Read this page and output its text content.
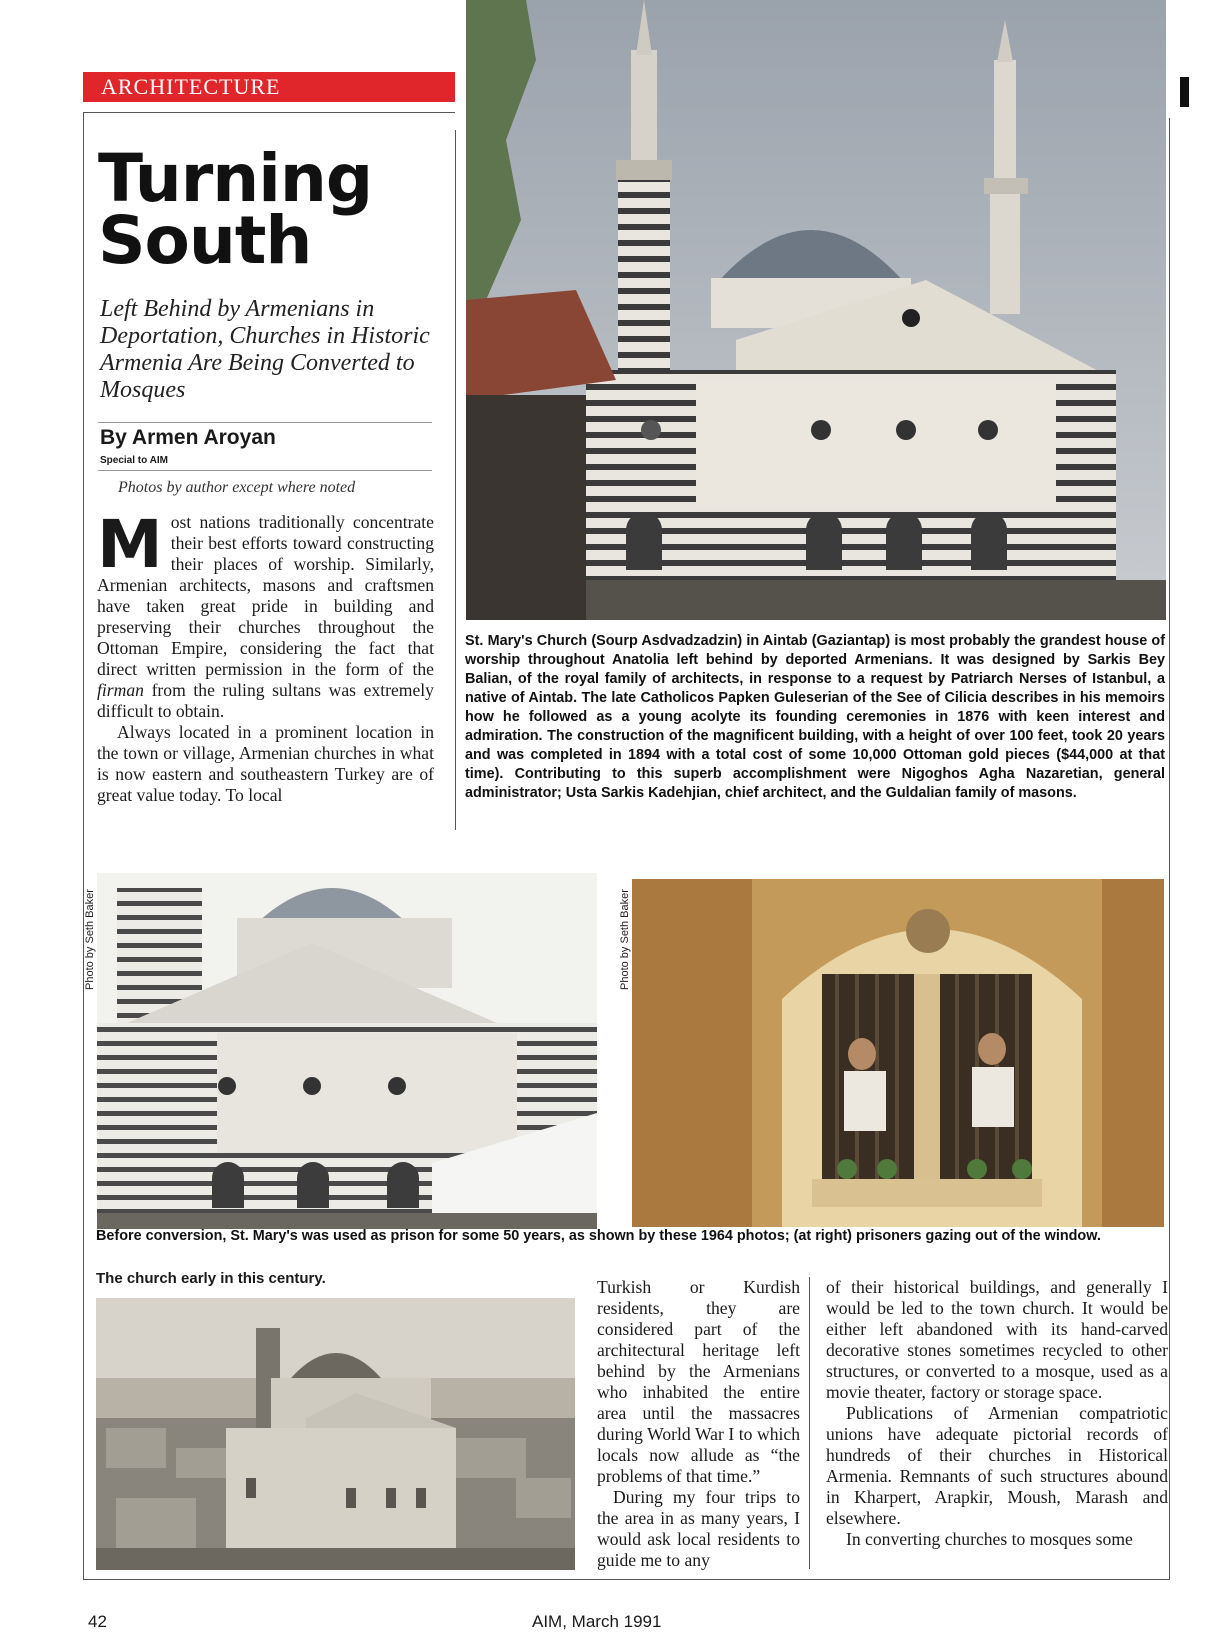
ARCHITECTURE
Turning
South
Left Behind by Armenians in Deportation, Churches in Historic Armenia Are Being Converted to Mosques
By Armen Aroyan
Special to AIM
Photos by author except where noted

Most nations traditionally concentrate their best efforts toward constructing their places of worship. Similarly, Armenian architects, masons and craftsmen have taken great pride in building and preserving their churches throughout the Ottoman Empire, considering the fact that direct written permission in the form of the firman from the ruling sultans was extremely difficult to obtain.

Always located in a prominent location in the town or village, Armenian churches in what is now eastern and southeastern Turkey are of great value today. To local

St. Mary's Church (Sourp Asdvadzadzin) in Aintab (Gaziantap) is most probably the grandest house of worship throughout Anatolia left behind by deported Armenians. It was designed by Sarkis Bey Balian, of the royal family of architects, in response to a request by Patriarch Nerses of Istanbul, a native of Aintab. The late Catholicos Papken Guleserian of the See of Cilicia describes in his memoirs how he followed as a young acolyte its founding ceremonies in 1876 with keen interest and admiration. The construction of the magnificent building, with a height of over 100 feet, took 20 years and was completed in 1894 with a total cost of some 10,000 Ottoman gold pieces ($44,000 at that time). Contributing to this superb accomplishment were Nigoghos Agha Nazaretian, general administrator; Usta Sarkis Kadehjian, chief architect, and the Guldalian family of masons.
Photo by Seth Baker	Photo by Seth Baker
Before conversion, St. Mary's was used as prison for some 50 years, as shown by these 1964 photos; (at right) prisoners gazing out of the window.
The church early in this century.	Turkish or Kurdish residents, they are considered part of the architectural heritage left behind by the Armenians who inhabited the entire area until the massacres during World War I to which locals now allude as “the problems of that time.”

During my four trips to the area in as many years, I would ask local residents to guide me to any

of their historical buildings, and generally I would be led to the town church. It would be either left abandoned with its hand-carved decorative stones sometimes recycled to other structures, or converted to a mosque, used as a movie theater, factory or storage space.

Publications of Armenian compatriotic unions have adequate pictorial records of hundreds of their churches in Historical Armenia. Remnants of such structures abound in Kharpert, Arapkir, Moush, Marash and elsewhere.

In converting churches to mosques some

42	AIM, March 1991
